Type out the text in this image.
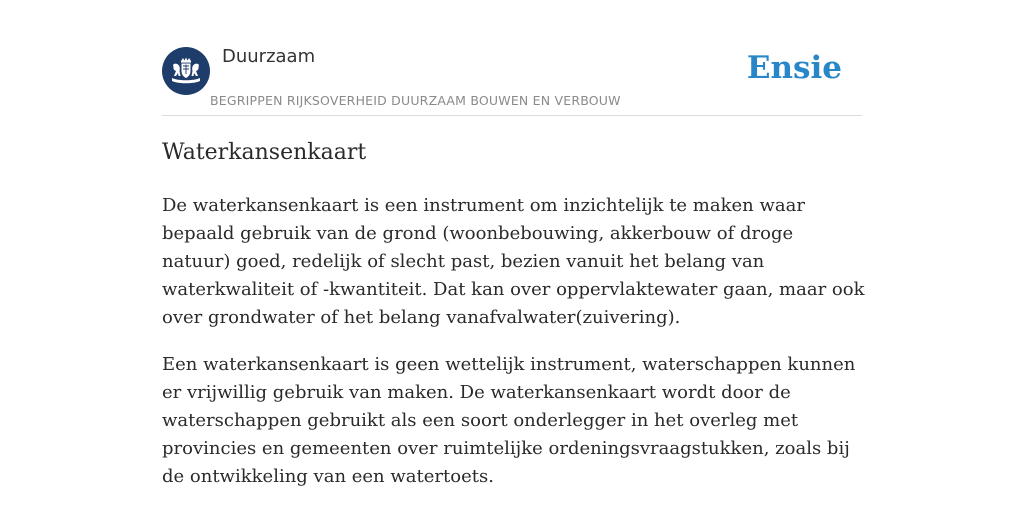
Duurzaam
BEGRIPPEN RIJKSOVERHEID DUURZAAM BOUWEN EN VERBOUW
Ensie
Waterkansenkaart

De waterkansenkaart is een instrument om inzichtelijk te maken waar bepaald gebruik van de grond (woonbebouwing, akkerbouw of droge natuur) goed, redelijk of slecht past, bezien vanuit het belang van waterkwaliteit of -kwantiteit. Dat kan over oppervlaktewater gaan, maar ook over grondwater of het belang vanafvalwater(zuivering).

Een waterkansenkaart is geen wettelijk instrument, waterschappen kunnen er vrijwillig gebruik van maken. De waterkansenkaart wordt door de waterschappen gebruikt als een soort onderlegger in het overleg met provincies en gemeenten over ruimtelijke ordeningsvraagstukken, zoals bij de ontwikkeling van een watertoets.
